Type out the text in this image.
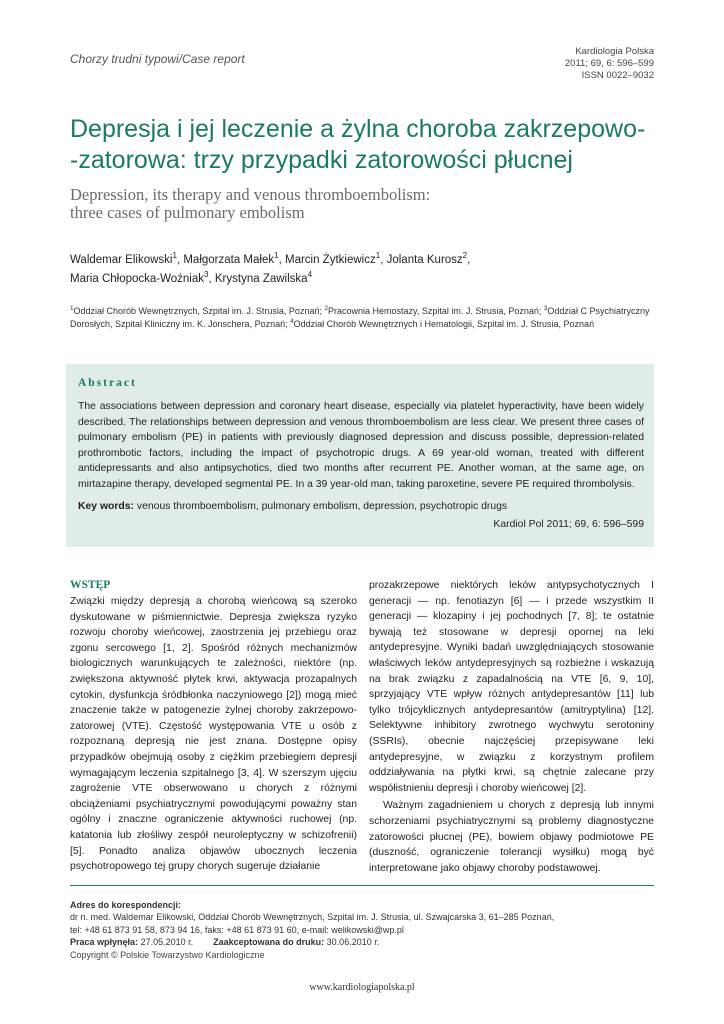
Chorzy trudni typowi/Case report
Kardiologia Polska
2011; 69, 6: 596–599
ISSN 0022–9032
Depresja i jej leczenie a żylna choroba zakrzepowo-
-zatorowa: trzy przypadki zatorowości płucnej
Depression, its therapy and venous thromboembolism:
three cases of pulmonary embolism
Waldemar Elikowski$^1$, Małgorzata Małek$^1$, Marcin Żytkiewicz$^1$, Jolanta Kurosz$^2$,
Maria Chłopocka-Woźniak$^3$, Krystyna Zawilska$^4$
$^1$Oddział Chorób Wewnętrznych, Szpital im. J. Strusia, Poznań; $^2$Pracownia Hemostazy, Szpital im. J. Strusia, Poznań; $^3$Oddział C Psychiatryczny
Dorosłych, Szpital Kliniczny im. K. Jonschera, Poznań; $^4$Oddział Chorób Wewnętrznych i Hematologii, Szpital im. J. Strusia, Poznań
Abstract
The associations between depression and coronary heart disease, especially via platelet hyperactivity, have been widely described. The relationships between depression and venous thromboembolism are less clear. We present three cases of pulmonary embolism (PE) in patients with previously diagnosed depression and discuss possible, depression-related prothrombotic factors, including the impact of psychotropic drugs. A 69 year-old woman, treated with different antidepressants and also antipsychotics, died two months after recurrent PE. Another woman, at the same age, on mirtazapine therapy, developed segmental PE. In a 39 year-old man, taking paroxetine, severe PE required thrombolysis.
Key words: venous thromboembolism, pulmonary embolism, depression, psychotropic drugs
Kardiol Pol 2011; 69, 6: 596–599
WSTĘP

Związki między depresją a chorobą wieńcową są szeroko dyskutowane w piśmiennictwie. Depresja zwiększa ryzyko rozwoju choroby wieńcowej, zaostrzenia jej przebiegu oraz zgonu sercowego [1, 2]. Spośród różnych mechanizmów biologicznych warunkujących te zależności, niektóre (np. zwiększona aktywność płytek krwi, aktywacja prozapalnych cytokin, dysfunkcja śródbłonka naczyniowego [2]) mogą mieć znaczenie także w patogenezie żylnej choroby zakrzepowo-zatorowej (VTE). Częstość występowania VTE u osób z rozpoznaną depresją nie jest znana. Dostępne opisy przypadków obejmują osoby z ciężkim przebiegiem depresji wymagającym leczenia szpitalnego [3, 4]. W szerszym ujęciu zagrożenie VTE obserwowano u chorych z różnymi obciążeniami psychiatrycznymi powodującymi poważny stan ogólny i znaczne ograniczenie aktywności ruchowej (np. katatonia lub złośliwy zespół neuroleptyczny w schizofrenii) [5]. Ponadto analiza objawów ubocznych leczenia psychotropowego tej grupy chorych sugeruje działanie

prozakrzepowe niektórych leków antypsychotycznych I generacji — np. fenotiazyn [6] — i przede wszystkim II generacji — klozapiny i jej pochodnych [7, 8]; te ostatnie bywają też stosowane w depresji opornej na leki antydepresyjne. Wyniki badań uwzględniających stosowanie właściwych leków antydepresyjnych są rozbieżne i wskazują na brak związku z zapadalnością na VTE [6, 9, 10], sprzyjający VTE wpływ różnych antydepresantów [11] lub tylko trójcyklicznych antydepresantów (amitryptylina) [12]. Selektywne inhibitory zwrotnego wychwytu serotoniny (SSRIs), obecnie najczęściej przepisywane leki antydepresyjne, w związku z korzystnym profilem oddziaływania na płytki krwi, są chętnie zalecane przy współistnieniu depresji i choroby wieńcowej [2].

Ważnym zagadnieniem u chorych z depresją lub innymi schorzeniami psychiatrycznymi są problemy diagnostyczne zatorowości płucnej (PE), bowiem objawy podmiotowe PE (duszność, ograniczenie tolerancji wysiłku) mogą być interpretowane jako objawy choroby podstawowej.

Adres do korespondencji:
dr n. med. Waldemar Elikowski, Oddział Chorób Wewnętrznych, Szpital im. J. Strusia, ul. Szwajcarska 3, 61–285 Poznań,
tel: +48 61 873 91 58, 873 94 16, faks: +48 61 873 91 60, e-mail: welikowski@wp.pl
Praca wpłynęła: 27.05.2010 r. Zaakceptowana do druku: 30.06.2010 r.
Copyright © Polskie Towarzystwo Kardiologiczne
www.kardiologiapolska.pl
